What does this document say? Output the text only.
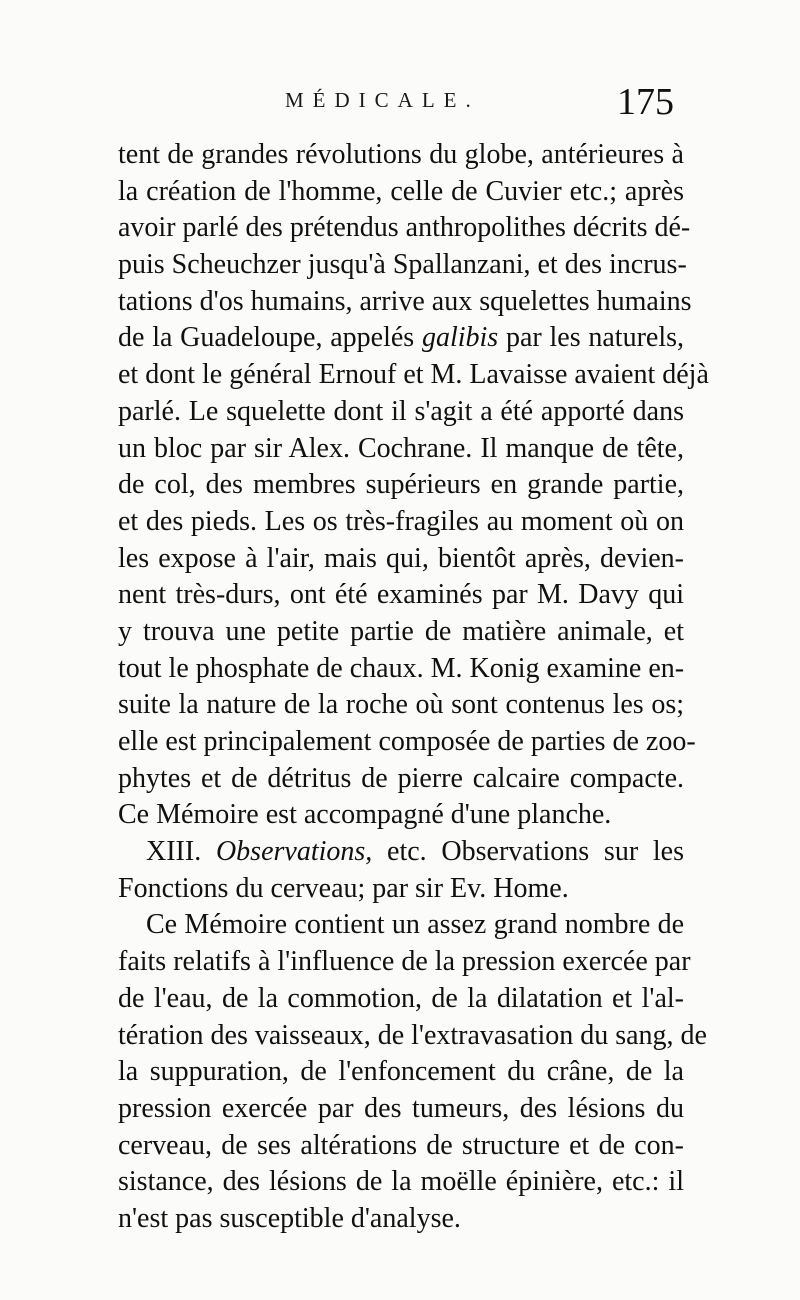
MÉDICALE.	175
tent de grandes révolutions du globe, antérieures à
la création de l'homme, celle de Cuvier etc.; après
avoir parlé des prétendus anthropolithes décrits dé-
puis Scheuchzer jusqu'à Spallanzani, et des incrus-
tations d'os humains, arrive aux squelettes humains
de la Guadeloupe, appelés galibis par les naturels,
et dont le général Ernouf et M. Lavaisse avaient déjà
parlé. Le squelette dont il s'agit a été apporté dans
un bloc par sir Alex. Cochrane. Il manque de tête,
de col, des membres supérieurs en grande partie,
et des pieds. Les os très-fragiles au moment où on
les expose à l'air, mais qui, bientôt après, devien-
nent très-durs, ont été examinés par M. Davy qui
y trouva une petite partie de matière animale, et
tout le phosphate de chaux. M. Konig examine en-
suite la nature de la roche où sont contenus les os;
elle est principalement composée de parties de zoo-
phytes et de détritus de pierre calcaire compacte.
Ce Mémoire est accompagné d'une planche.
XIII. Observations, etc. Observations sur les
Fonctions du cerveau; par sir Ev. Home.
Ce Mémoire contient un assez grand nombre de
faits relatifs à l'influence de la pression exercée par
de l'eau, de la commotion, de la dilatation et l'al-
tération des vaisseaux, de l'extravasation du sang, de
la suppuration, de l'enfoncement du crâne, de la
pression exercée par des tumeurs, des lésions du
cerveau, de ses altérations de structure et de con-
sistance, des lésions de la moëlle épinière, etc.: il
n'est pas susceptible d'analyse.
